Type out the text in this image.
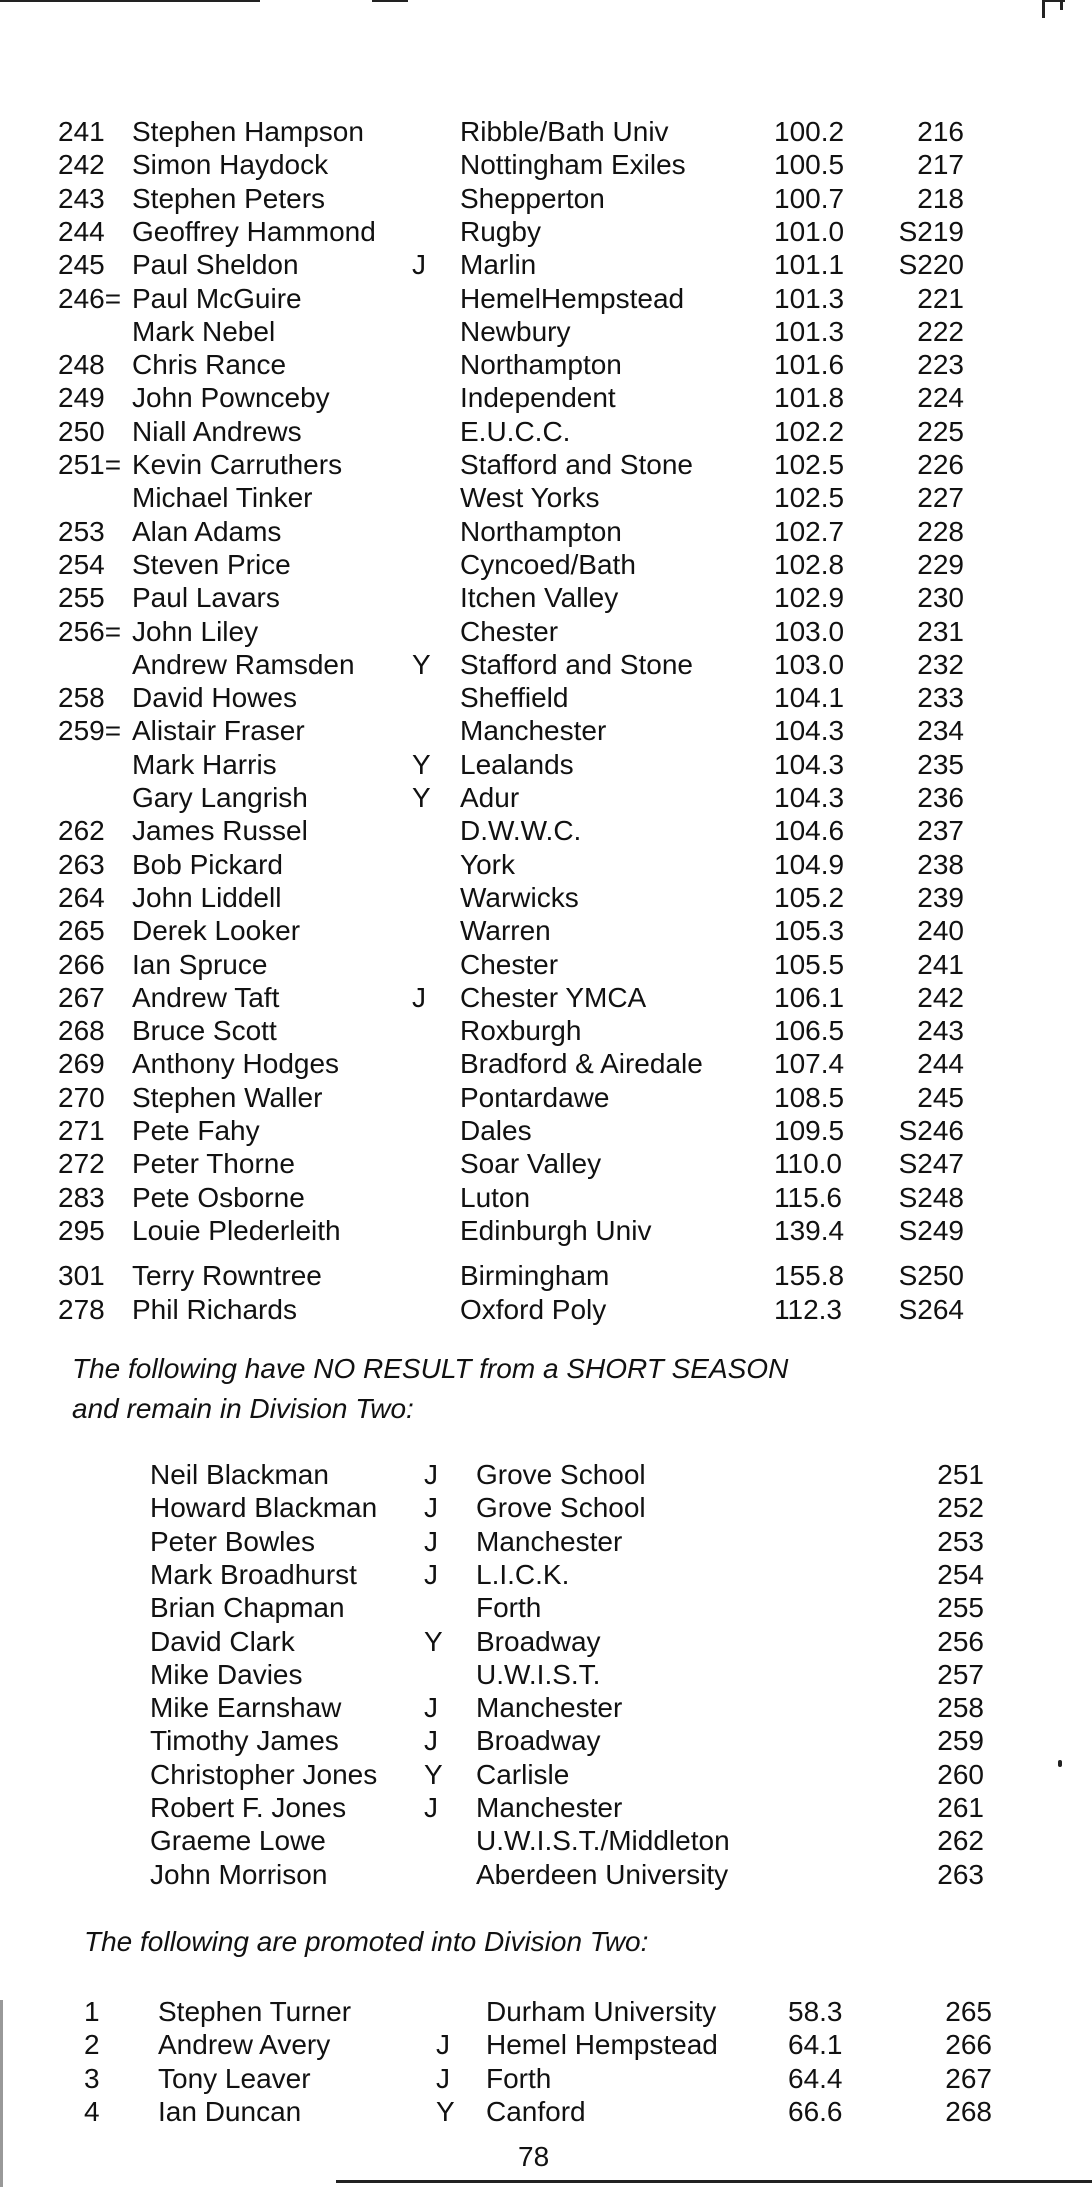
241 Stephen Hampson	Ribble/Bath Univ	100.2	216
242 Simon Haydock	Nottingham Exiles	100.5	217
243 Stephen Peters	Shepperton	100.7	218
244 Geoffrey Hammond	Rugby	101.0 S219
245 Paul Sheldon	J Marlin	101.1 S220
246= Paul McGuire	HemelHempstead	101.3	221
Mark Nebel	Newbury	101.3	222
248 Chris Rance	Northampton	101.6	223
249 John Pownceby	Independent	101.8	224
250 Niall Andrews	E.U.C.C.	102.2	225
251= Kevin Carruthers	Stafford and Stone	102.5	226
Michael Tinker	West Yorks	102.5	227
253 Alan Adams	Northampton	102.7	228
254 Steven Price	Cyncoed/Bath	102.8	229
255 Paul Lavars	Itchen Valley	102.9	230
256= John Liley	Chester	103.0	231
Andrew Ramsden Y Stafford and Stone	103.0	232
258 David Howes	Sheffield	104.1	233
259= Alistair Fraser	Manchester	104.3	234
Mark Harris	Y Lealands	104.3	235
Gary Langrish	Y Adur	104.3	236
262 James Russel	D.W.W.C.	104.6	237
263 Bob Pickard	York	104.9	238
264 John Liddell	Warwicks	105.2	239
265 Derek Looker	Warren	105.3	240
266 Ian Spruce	Chester	105.5	241
267 Andrew Taft	J Chester YMCA	106.1	242
268 Bruce Scott	Roxburgh	106.5	243
269 Anthony Hodges	Bradford & Airedale	107.4	244
270 Stephen Waller	Pontardawe	108.5	245
271 Pete Fahy	Dales	109.5 S246
272 Peter Thorne	Soar Valley	110.0 S247
283 Pete Osborne	Luton	115.6 S248
295 Louie Plederleith	Edinburgh Univ	139.4 S249
301 Terry Rowntree	Birmingham	155.8 S250
278 Phil Richards	Oxford Poly	112.3 S264
The following have NO RESULT from a SHORT SEASON
and remain in Division Two:
Neil Blackman	J Grove School	251
Howard Blackman J Grove School	252
Peter Bowles	J Manchester	253
Mark Broadhurst J L.I.C.K.	254
Brian Chapman	Forth	255
David Clark	Y Broadway	256
Mike Davies	U.W.I.S.T.	257
Mike Earnshaw	J Manchester	258
Timothy James	J Broadway	259
Christopher Jones Y Carlisle	260
Robert F. Jones	J Manchester	261
Graeme Lowe	U.W.I.S.T./Middleton	262
John Morrison	Aberdeen University	263
The following are promoted into Division Two:
1 Stephen Turner	Durham University	58.3	265
2 Andrew Avery	J Hemel Hempstead	64.1	266
3 Tony Leaver	J Forth	64.4	267
4 Ian Duncan	Y Canford	66.6	268
78
